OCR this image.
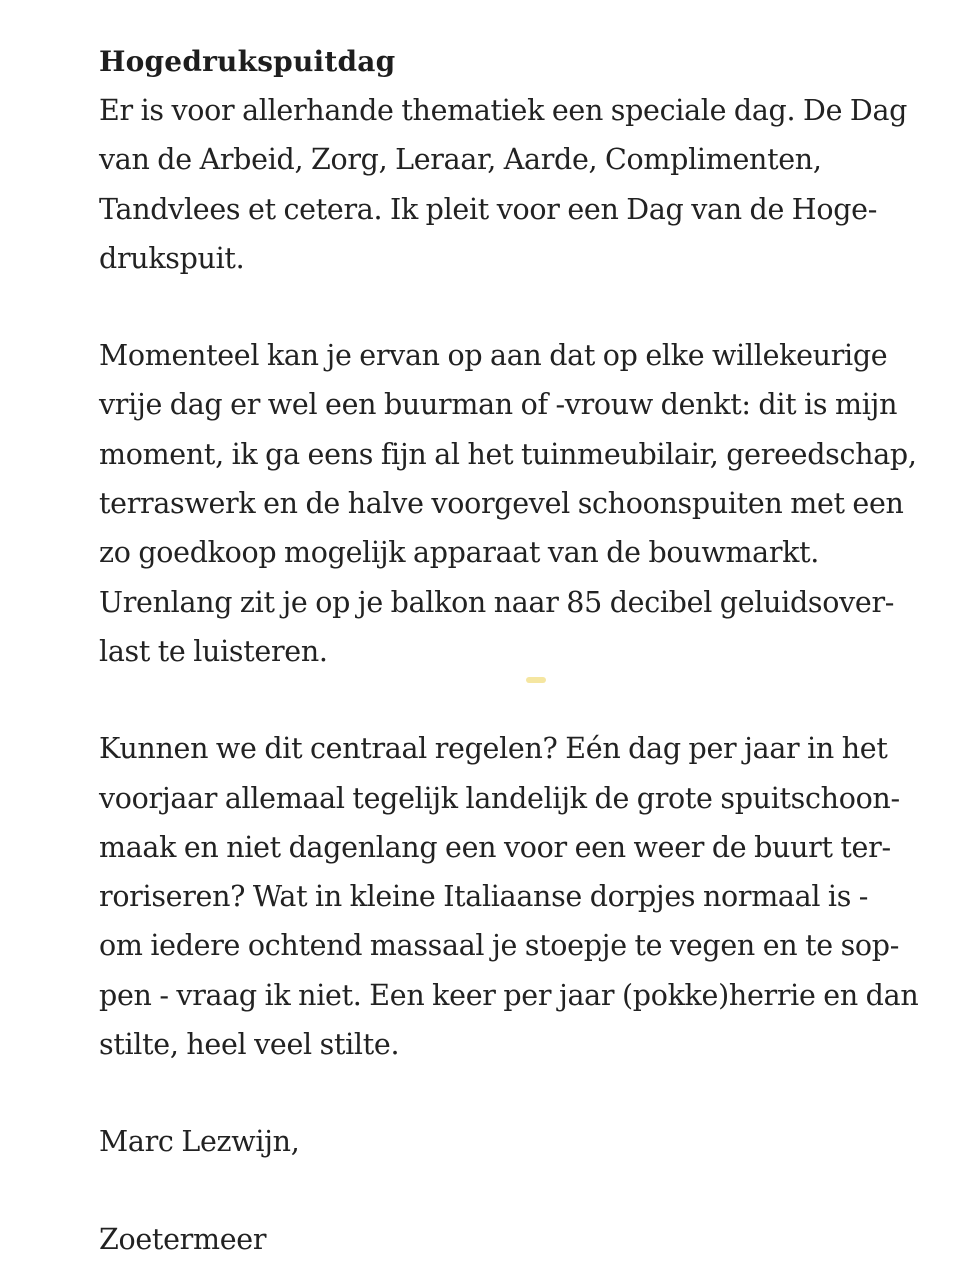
Hogedrukspuitdag

Er is voor allerhande thematiek een speciale dag. De Dag
van de Arbeid, Zorg, Leraar, Aarde, Complimenten,
Tandvlees et cetera. Ik pleit voor een Dag van de Hoge-
drukspuit.

Momenteel kan je ervan op aan dat op elke willekeurige
vrije dag er wel een buurman of -vrouw denkt: dit is mijn
moment, ik ga eens fijn al het tuinmeubilair, gereedschap,
terraswerk en de halve voorgevel schoonspuiten met een
zo goedkoop mogelijk apparaat van de bouwmarkt.
Urenlang zit je op je balkon naar 85 decibel geluidsover-
last te luisteren.

Kunnen we dit centraal regelen? Eén dag per jaar in het
voorjaar allemaal tegelijk landelijk de grote spuitschoon-
maak en niet dagenlang een voor een weer de buurt ter-
roriseren? Wat in kleine Italiaanse dorpjes normaal is -
om iedere ochtend massaal je stoepje te vegen en te sop-
pen - vraag ik niet. Een keer per jaar (pokke)herrie en dan
stilte, heel veel stilte.

Marc Lezwijn,

Zoetermeer
